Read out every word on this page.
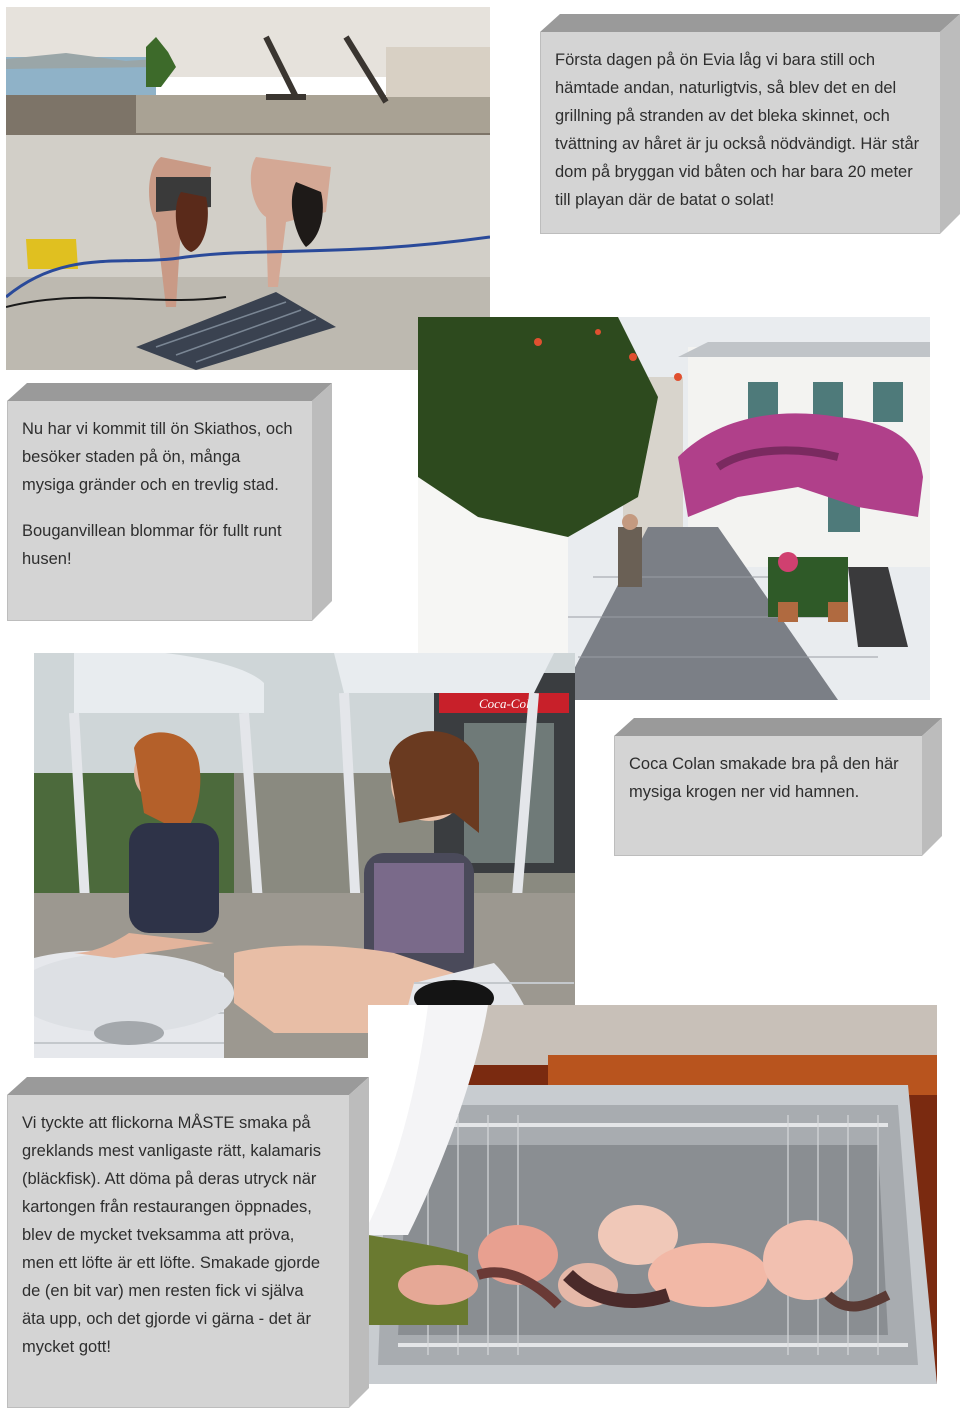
Första dagen på ön Evia låg vi bara still och hämtade andan, naturligtvis, så blev det en del grillning på stranden av det bleka skinnet, och tvättning av håret är ju också nödvändigt. Här står dom på bryggan vid båten och har bara 20 meter till playan där de batat o solat!

Nu har vi kommit till ön Skiathos, och besöker staden på ön, många mysiga gränder och en trevlig stad.

Bouganvillean blommar för fullt runt husen!

Coca-Cola

Coca Colan smakade bra på den här mysiga krogen ner vid hamnen.

Vi tyckte att flickorna MÅSTE smaka på greklands mest vanligaste rätt, kalamaris (bläckfisk). Att döma på deras utryck när kartongen från restaurangen öppnades, blev de mycket tveksamma att pröva, men ett löfte är ett löfte. Smakade gjorde de (en bit var) men resten fick vi själva äta upp, och det gjorde vi gärna - det är mycket gott!
